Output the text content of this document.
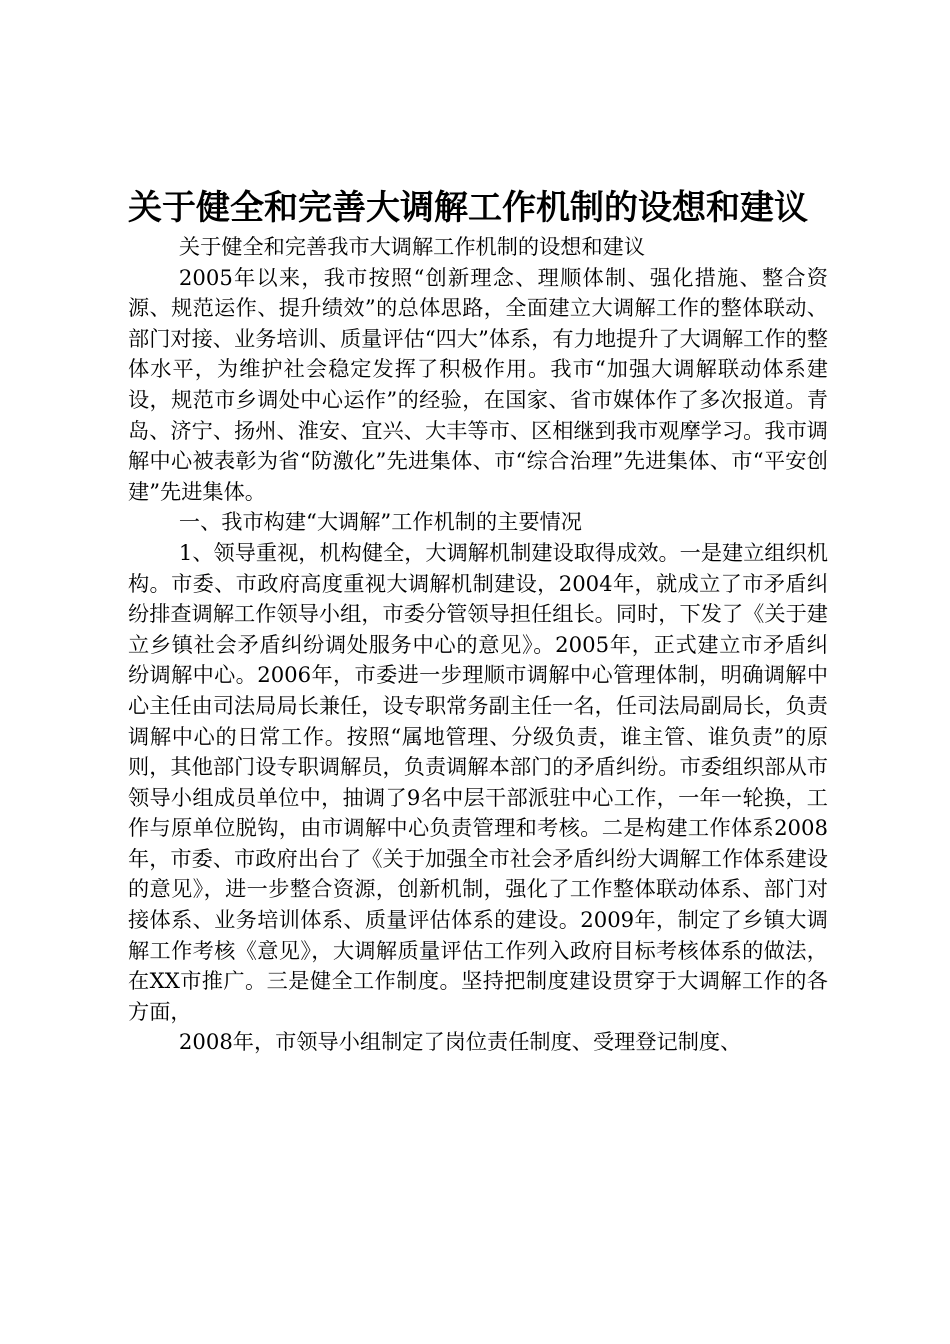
关于健全和完善大调解工作机制的设想和建议

关于健全和完善我市大调解工作机制的设想和建议

2005年以来，我市按照“创新理念、理顺体制、强化措施、整合资源、规范运作、提升绩效”的总体思路，全面建立大调解工作的整体联动、部门对接、业务培训、质量评估“四大”体系，有力地提升了大调解工作的整体水平，为维护社会稳定发挥了积极作用。我市“加强大调解联动体系建设，规范市乡调处中心运作”的经验，在国家、省市媒体作了多次报道。青岛、济宁、扬州、淮安、宜兴、大丰等市、区相继到我市观摩学习。我市调解中心被表彰为省“防激化”先进集体、市“综合治理”先进集体、市“平安创建”先进集体。

一、我市构建“大调解”工作机制的主要情况

1、领导重视，机构健全，大调解机制建设取得成效。一是建立组织机构。市委、市政府高度重视大调解机制建设，2004年，就成立了市矛盾纠纷排查调解工作领导小组，市委分管领导担任组长。同时，下发了《关于建立乡镇社会矛盾纠纷调处服务中心的意见》。2005年，正式建立市矛盾纠纷调解中心。2006年，市委进一步理顺市调解中心管理体制，明确调解中心主任由司法局局长兼任，设专职常务副主任一名，任司法局副局长，负责调解中心的日常工作。按照“属地管理、分级负责，谁主管、谁负责”的原则，其他部门设专职调解员，负责调解本部门的矛盾纠纷。市委组织部从市领导小组成员单位中，抽调了9名中层干部派驻中心工作，一年一轮换，工作与原单位脱钩，由市调解中心负责管理和考核。二是构建工作体系2008年，市委、市政府出台了《关于加强全市社会矛盾纠纷大调解工作体系建设的意见》，进一步整合资源，创新机制，强化了工作整体联动体系、部门对接体系、业务培训体系、质量评估体系的建设。2009年，制定了乡镇大调解工作考核《意见》，大调解质量评估工作列入政府目标考核体系的做法，在XX市推广。三是健全工作制度。坚持把制度建设贯穿于大调解工作的各方面，

2008年，市领导小组制定了岗位责任制度、受理登记制度、
